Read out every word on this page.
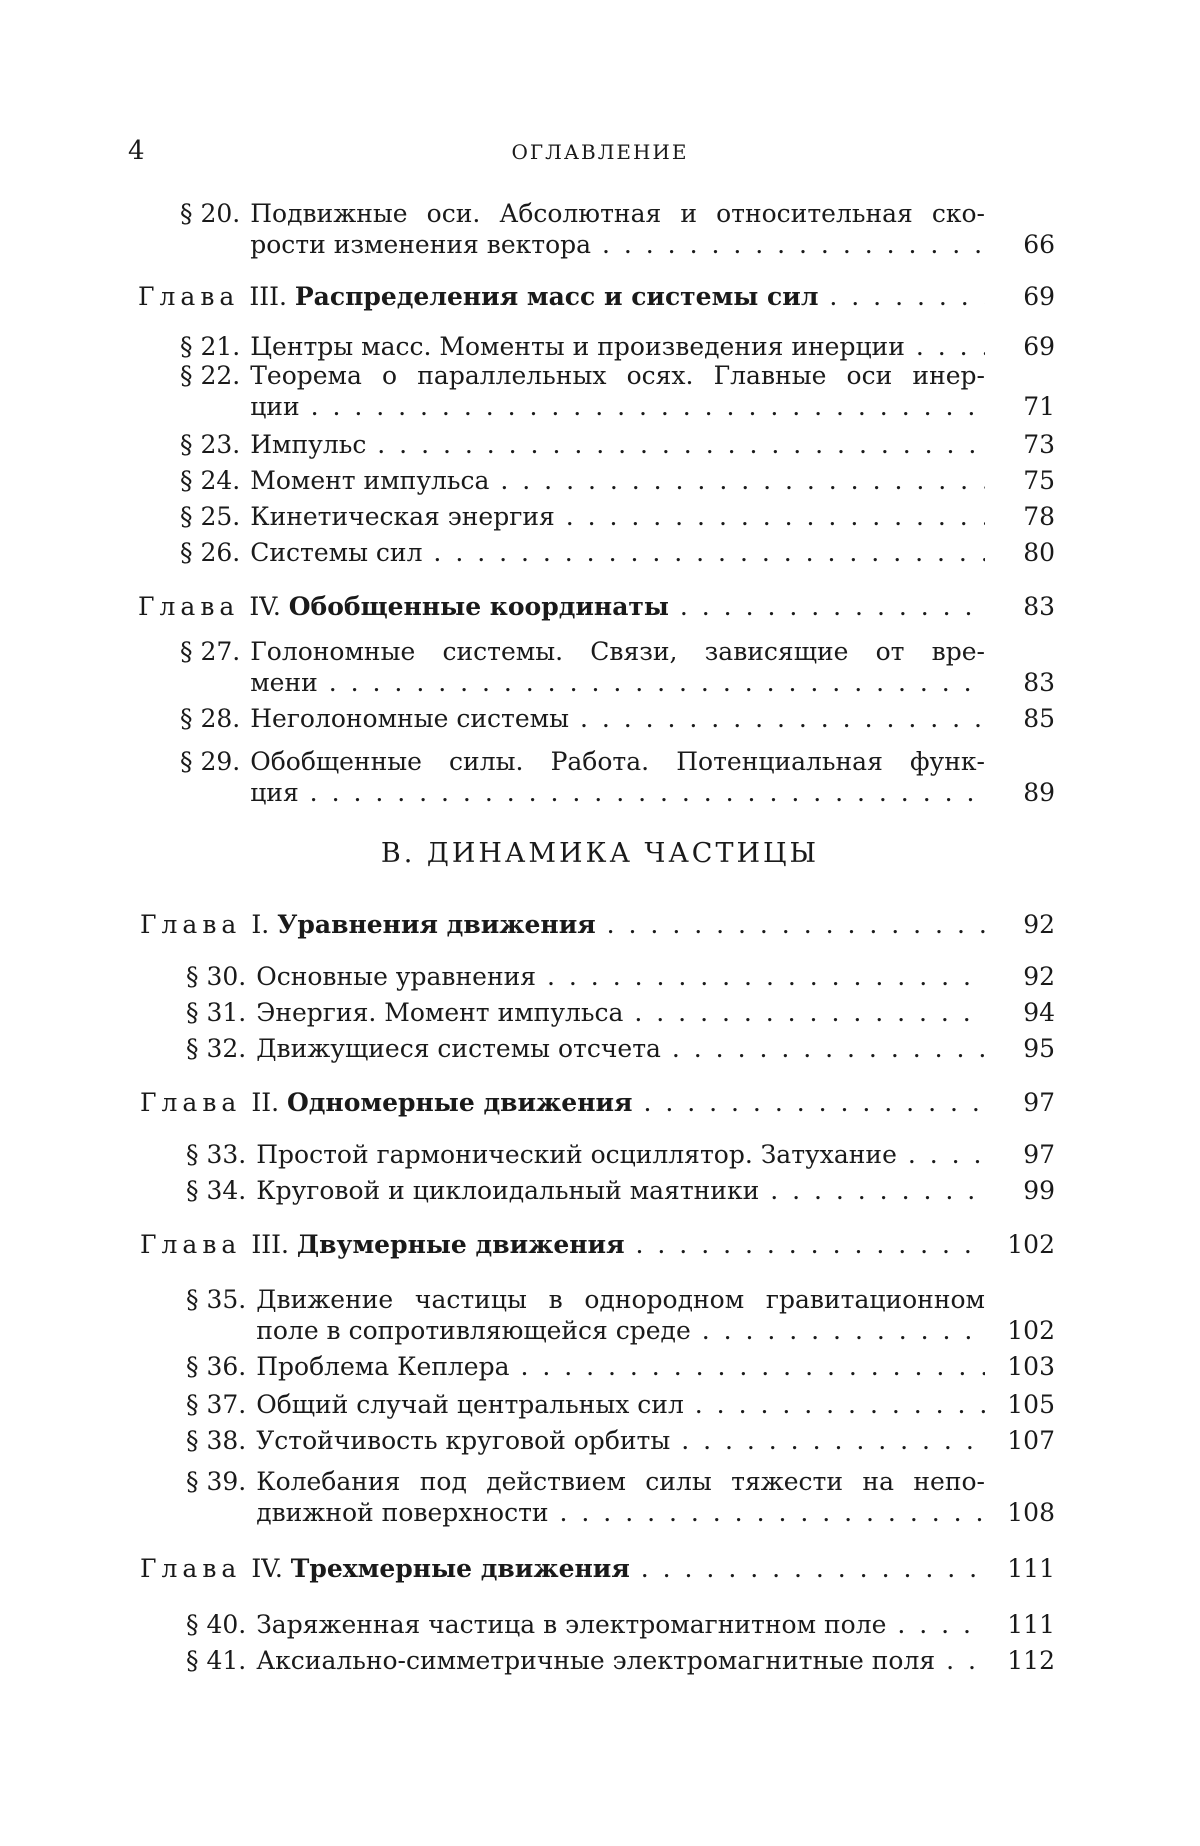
4	ОГЛАВЛЕНИЕ
В. ДИНАМИКА ЧАСТИЦЫ
§ 20. Подвижные оси. Абсолютная и относительная ско-
рости изменения вектора . . .	66
Глава III. Распределения масс и системы сил . . .	69
§ 21. Центры масс. Моменты и произведения инерции . . .	69
§ 22. Теорема о параллельных осях. Главные оси инер-
ции . . .	71
§ 23. Импульс . . .	73
§ 24. Момент импульса . . .	75
§ 25. Кинетическая энергия . . .	78
§ 26. Системы сил . . .	80
Глава IV. Обобщенные координаты . . .	83
§ 27. Голономные системы. Связи, зависящие от вре-
мени . . .	83
§ 28. Неголономные системы . . .	85
§ 29. Обобщенные силы. Работа. Потенциальная функ-
ция . . .	89
Глава I. Уравнения движения . . .	92
§ 30. Основные уравнения . . .	92
§ 31. Энергия. Момент импульса . . .	94
§ 32. Движущиеся системы отсчета . . .	95
Глава II. Одномерные движения . . .	97
§ 33. Простой гармонический осциллятор. Затухание . . .	97
§ 34. Круговой и циклоидальный маятники . . .	99
Глава III. Двумерные движения . . .	102
§ 35. Движение частицы в однородном гравитационном
поле в сопротивляющейся среде . . .	102
§ 36. Проблема Кеплера . . .	103
§ 37. Общий случай центральных сил . . .	105
§ 38. Устойчивость круговой орбиты . . .	107
§ 39. Колебания под действием силы тяжести на непо-
движной поверхности . . .	108
Глава IV. Трехмерные движения . . .	111
§ 40. Заряженная частица в электромагнитном поле . . .	111
§ 41. Аксиально-симметричные электромагнитные поля . . .	112
